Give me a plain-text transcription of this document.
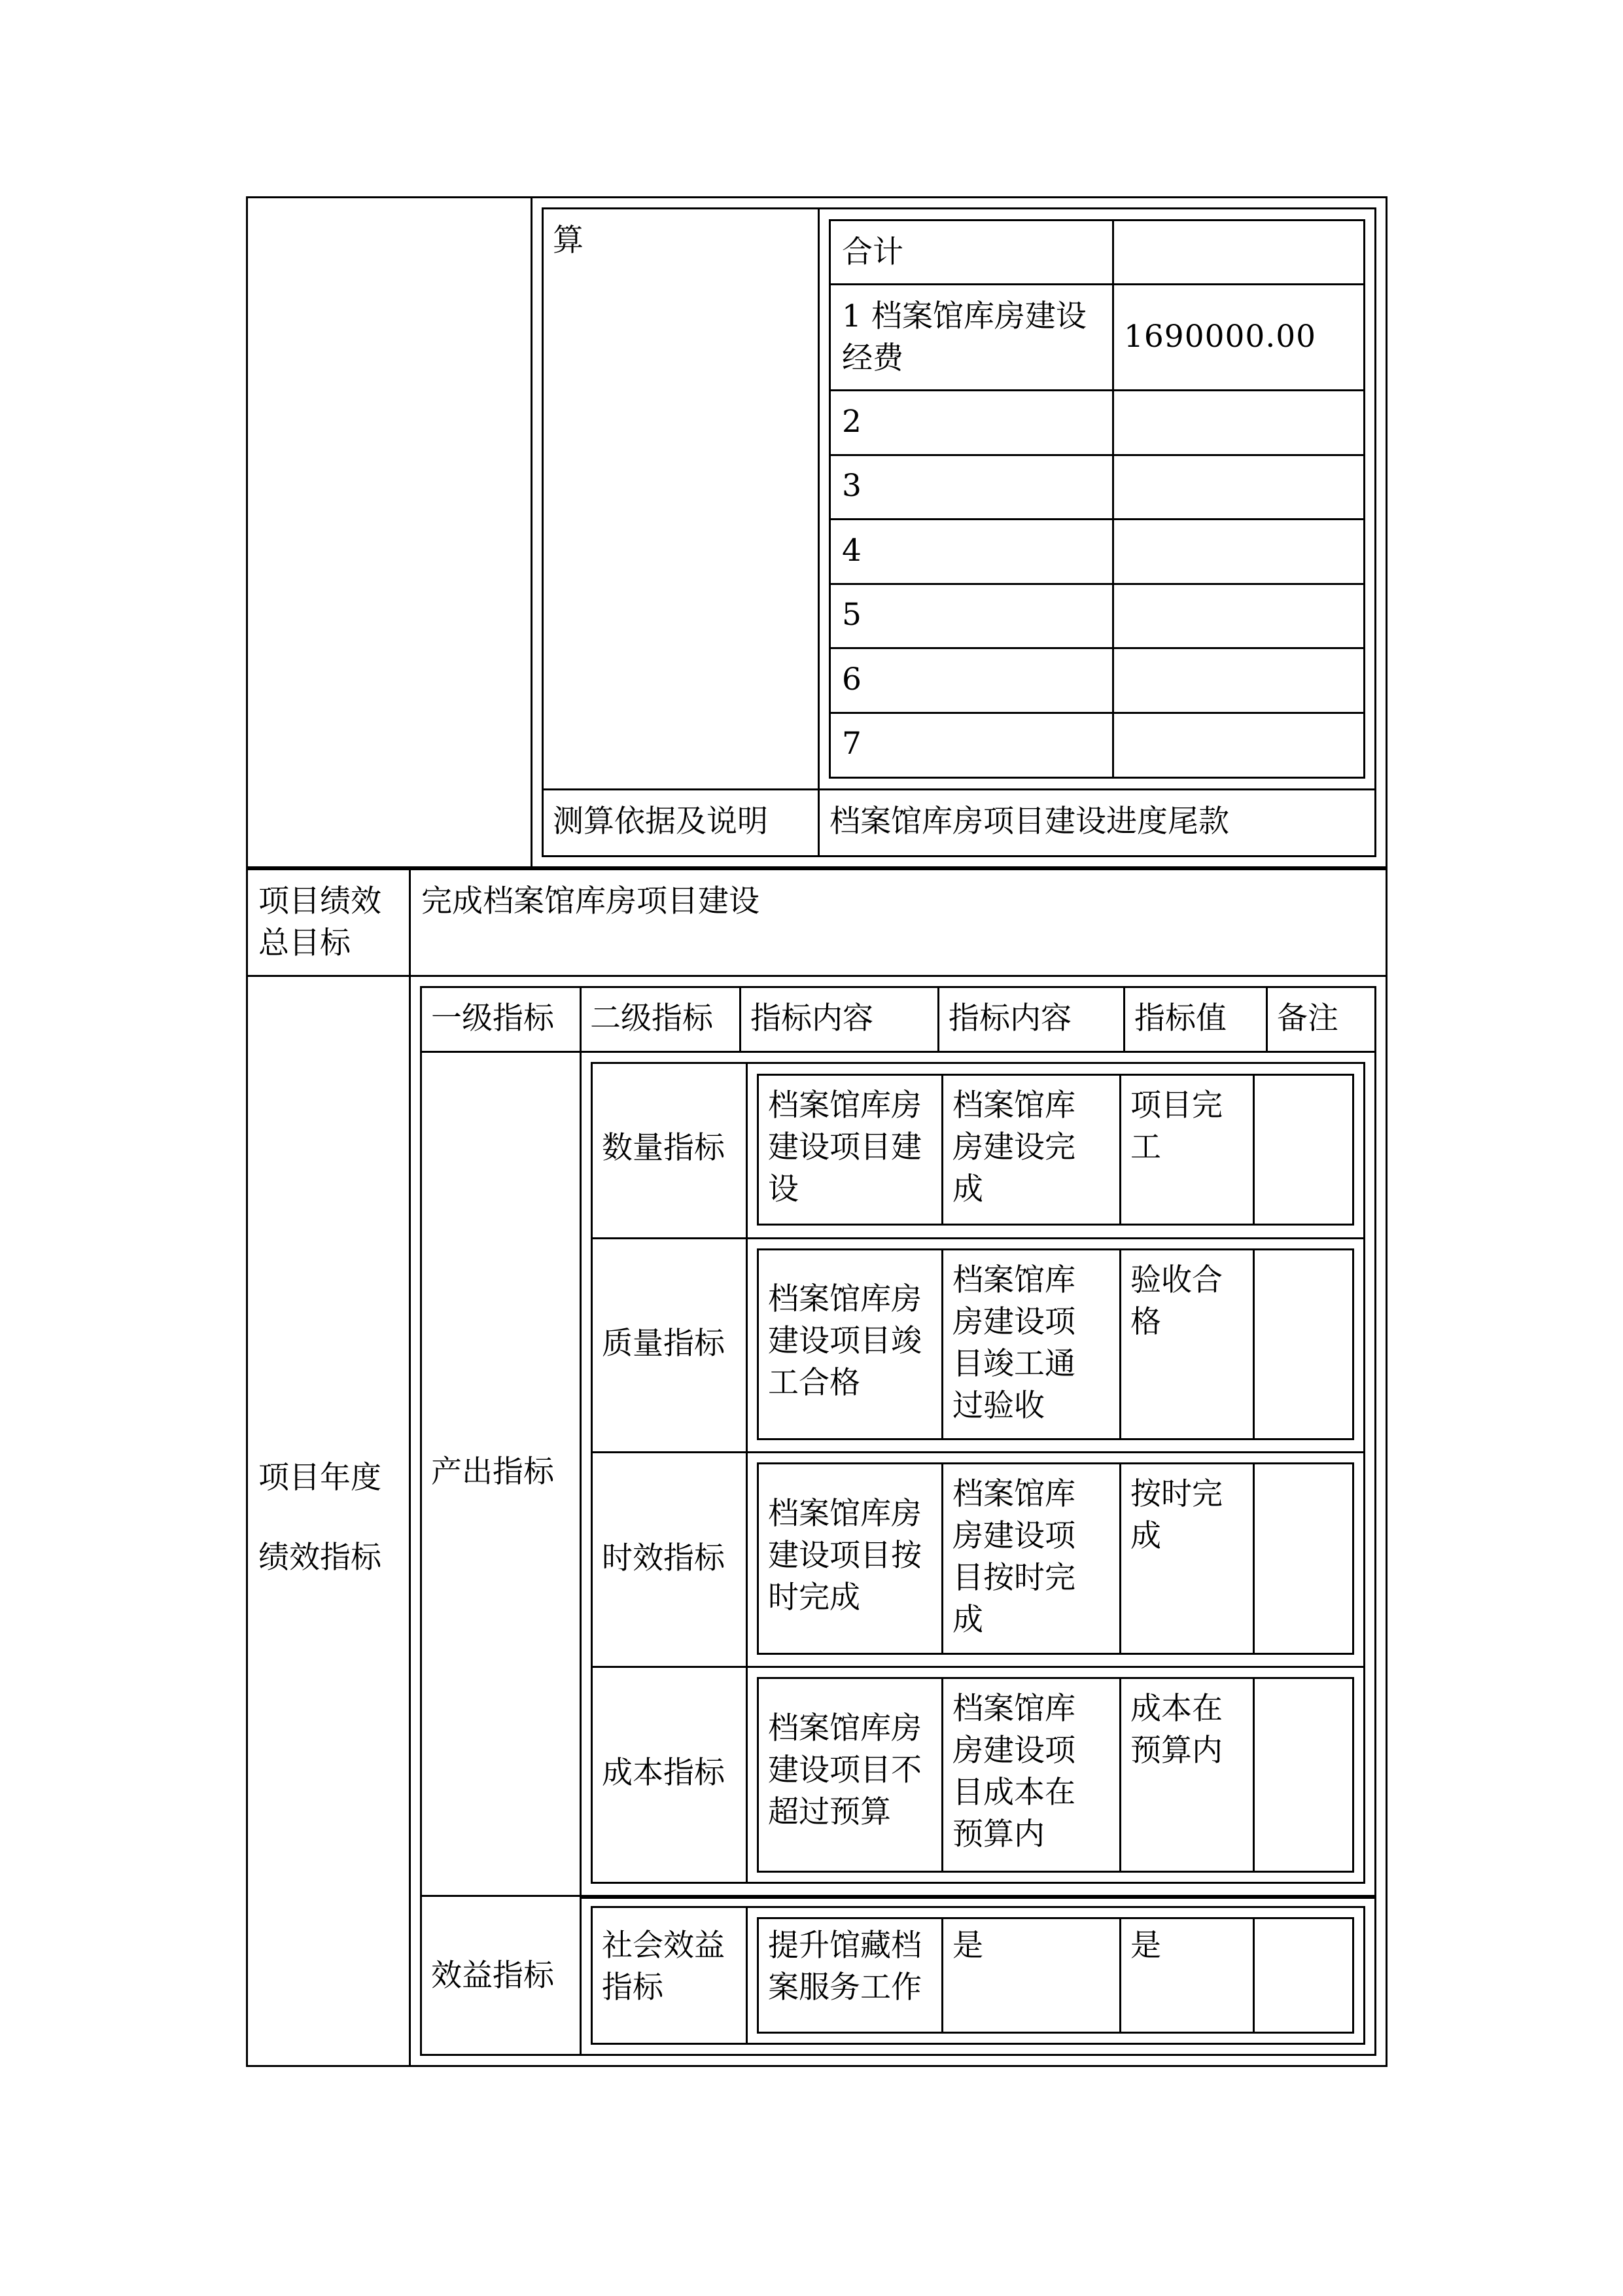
算	合计
1 档案馆库房建设
经费
1690000.00
2
3
4
5
6
7
测算依据及说明 档案馆库房项目建设进度尾款
项目绩效
总目标
完成档案馆库房项目建设
项目年度
绩效指标
一级指标 二级指标 指标内容 指标内容 指标值 备注
产出指标
效益指标
数量指标
档案馆库房
建设项目建
设
档案馆库
房建设完
成
项目完
工
质量指标
档案馆库房
建设项目竣
工合格
档案馆库
房建设项
目竣工通
过验收
验收合
格
时效指标
档案馆库房
建设项目按
时完成
档案馆库
房建设项
目按时完
成
按时完
成
成本指标
档案馆库房
建设项目不
超过预算
档案馆库
房建设项
目成本在
预算内
成本在
预算内
社会效益
指标
提升馆藏档
案服务工作
是	是
